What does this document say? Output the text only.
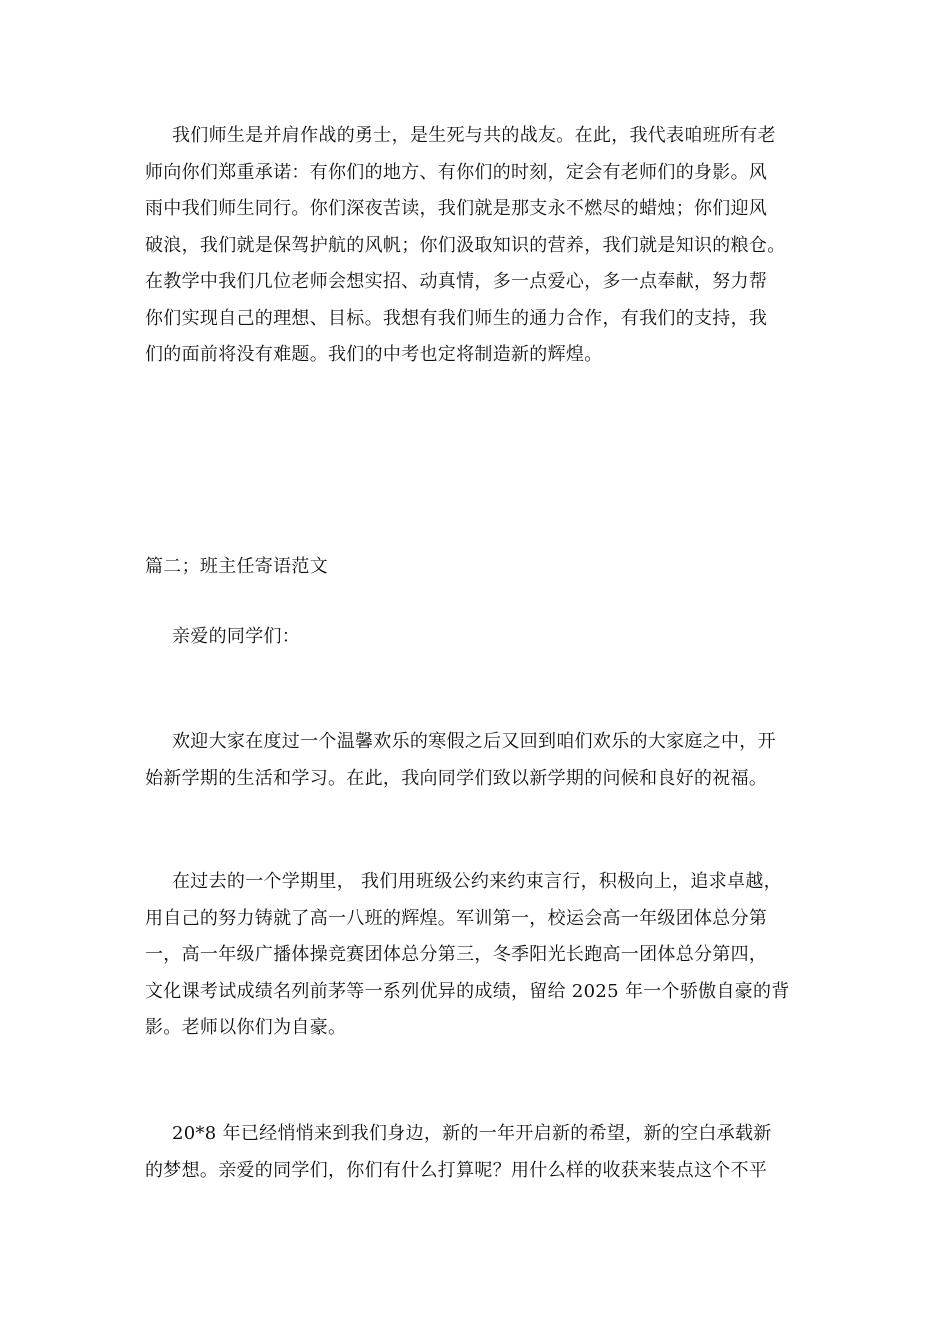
我们师生是并肩作战的勇士，是生死与共的战友。在此，我代表咱班所有老
师向你们郑重承诺：有你们的地方、有你们的时刻，定会有老师们的身影。风
雨中我们师生同行。你们深夜苦读，我们就是那支永不燃尽的蜡烛；你们迎风
破浪，我们就是保驾护航的风帆；你们汲取知识的营养，我们就是知识的粮仓。
在教学中我们几位老师会想实招、动真情，多一点爱心，多一点奉献，努力帮
你们实现自己的理想、目标。我想有我们师生的通力合作，有我们的支持，我
们的面前将没有难题。我们的中考也定将制造新的辉煌。

篇二；班主任寄语范文

亲爱的同学们：

欢迎大家在度过一个温馨欢乐的寒假之后又回到咱们欢乐的大家庭之中，开
始新学期的生活和学习。在此，我向同学们致以新学期的问候和良好的祝福。

在过去的一个学期里， 我们用班级公约来约束言行，积极向上，追求卓越，
用自己的努力铸就了高一八班的辉煌。军训第一，校运会高一年级团体总分第
一，高一年级广播体操竞赛团体总分第三，冬季阳光长跑高一团体总分第四，
文化课考试成绩名列前茅等一系列优异的成绩，留给 2025 年一个骄傲自豪的背
影。老师以你们为自豪。

20*8 年已经悄悄来到我们身边，新的一年开启新的希望，新的空白承载新
的梦想。亲爱的同学们，你们有什么打算呢？用什么样的收获来装点这个不平
